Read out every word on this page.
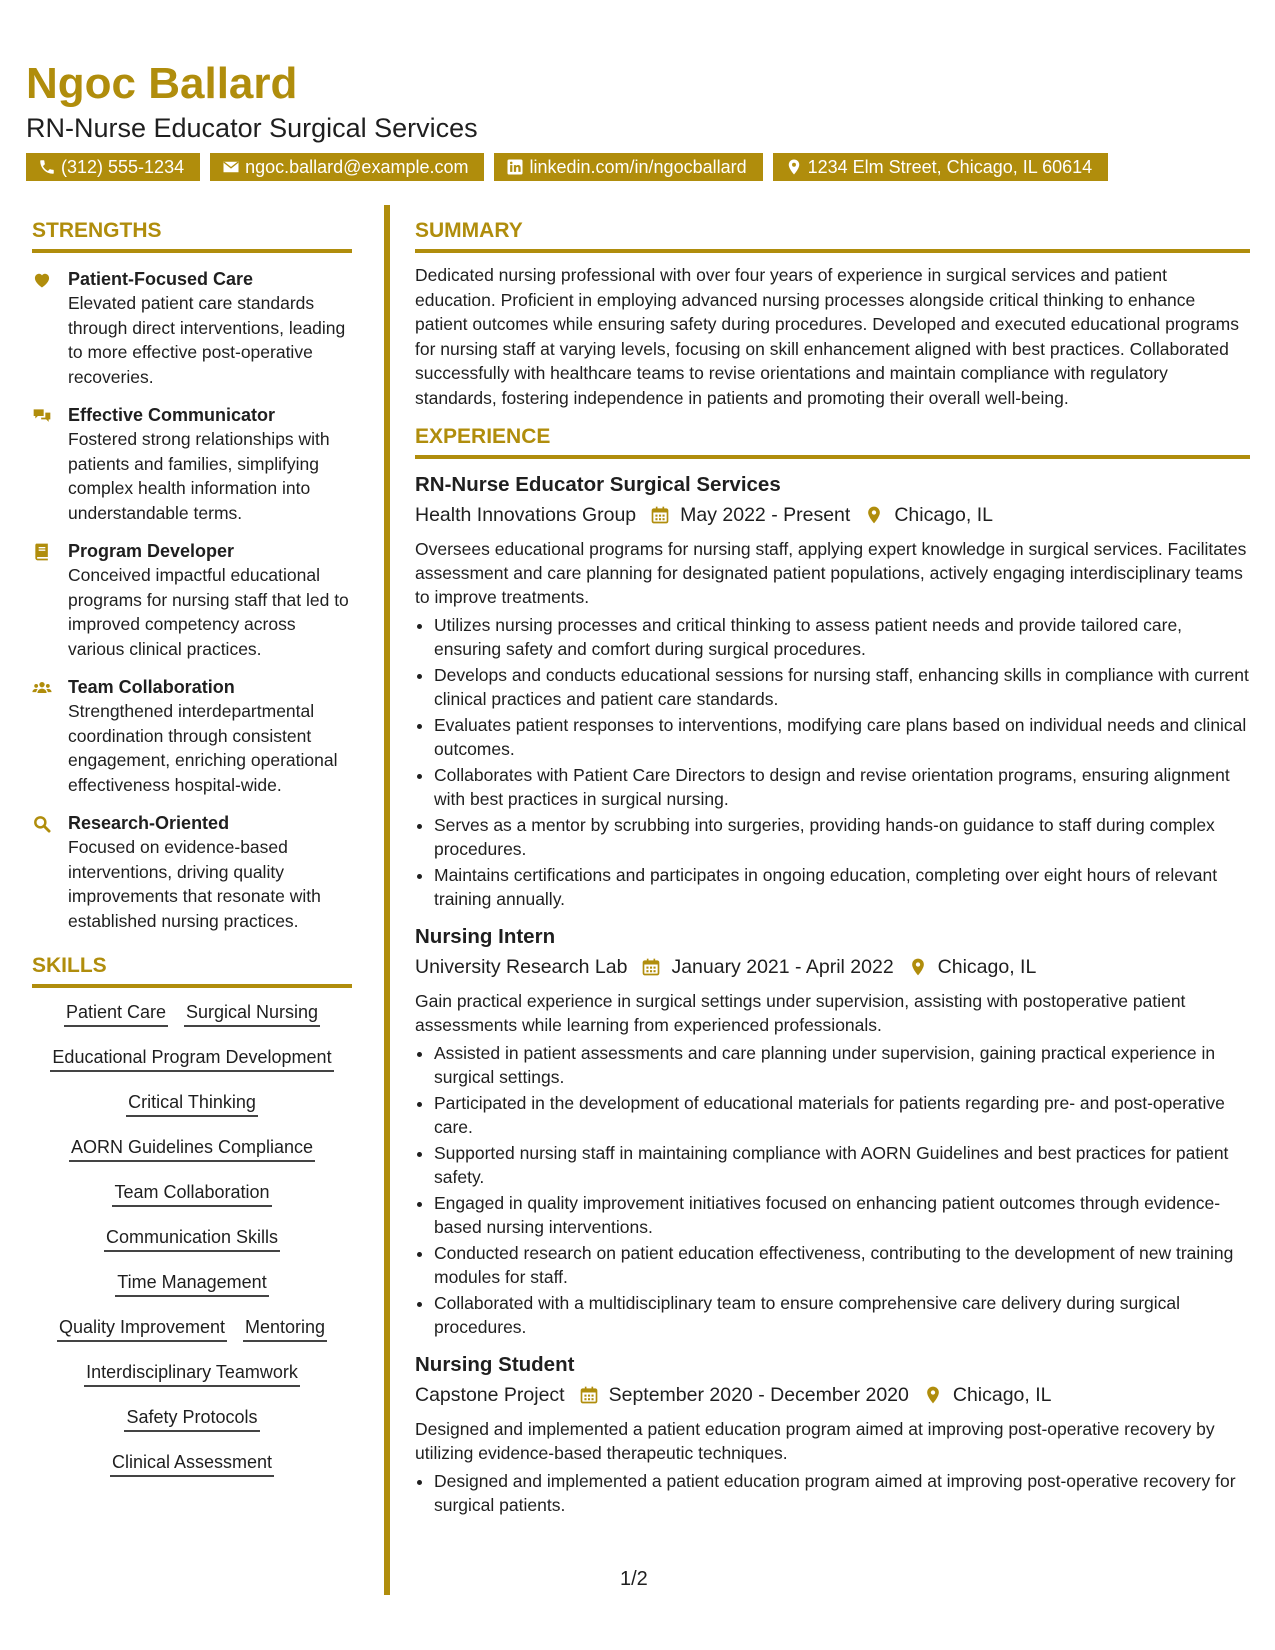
Ngoc Ballard
RN-Nurse Educator Surgical Services
(312) 555-1234	ngoc.ballard@example.com	linkedin.com/in/ngocballard	1234 Elm Street, Chicago, IL 60614
STRENGTHS
Patient-Focused Care
Elevated patient care standards through direct interventions, leading to more effective post-operative recoveries.
Effective Communicator
Fostered strong relationships with patients and families, simplifying complex health information into understandable terms.
Program Developer
Conceived impactful educational programs for nursing staff that led to improved competency across various clinical practices.
Team Collaboration
Strengthened interdepartmental coordination through consistent engagement, enriching operational effectiveness hospital-wide.
Research-Oriented
Focused on evidence-based interventions, driving quality improvements that resonate with established nursing practices.
SKILLS
Patient Care Surgical Nursing
Educational Program Development
Critical Thinking
AORN Guidelines Compliance
Team Collaboration
Communication Skills
Time Management
Quality Improvement Mentoring
Interdisciplinary Teamwork
Safety Protocols
Clinical Assessment
SUMMARY

Dedicated nursing professional with over four years of experience in surgical services and patient education. Proficient in employing advanced nursing processes alongside critical thinking to enhance patient outcomes while ensuring safety during procedures. Developed and executed educational programs for nursing staff at varying levels, focusing on skill enhancement aligned with best practices. Collaborated successfully with healthcare teams to revise orientations and maintain compliance with regulatory standards, fostering independence in patients and promoting their overall well-being.

EXPERIENCE
RN-Nurse Educator Surgical Services
Health Innovations Group May 2022 - Present Chicago, IL

Oversees educational programs for nursing staff, applying expert knowledge in surgical services. Facilitates assessment and care planning for designated patient populations, actively engaging interdisciplinary teams to improve treatments.

• Utilizes nursing processes and critical thinking to assess patient needs and provide tailored care, ensuring safety and comfort during surgical procedures.
• Develops and conducts educational sessions for nursing staff, enhancing skills in compliance with current clinical practices and patient care standards.
• Evaluates patient responses to interventions, modifying care plans based on individual needs and clinical outcomes.
• Collaborates with Patient Care Directors to design and revise orientation programs, ensuring alignment with best practices in surgical nursing.
• Serves as a mentor by scrubbing into surgeries, providing hands-on guidance to staff during complex procedures.
• Maintains certifications and participates in ongoing education, completing over eight hours of relevant training annually.
Nursing Intern
University Research Lab January 2021 - April 2022 Chicago, IL

Gain practical experience in surgical settings under supervision, assisting with postoperative patient assessments while learning from experienced professionals.

• Assisted in patient assessments and care planning under supervision, gaining practical experience in surgical settings.
• Participated in the development of educational materials for patients regarding pre- and post-operative care.
• Supported nursing staff in maintaining compliance with AORN Guidelines and best practices for patient safety.
• Engaged in quality improvement initiatives focused on enhancing patient outcomes through evidence-based nursing interventions.
• Conducted research on patient education effectiveness, contributing to the development of new training modules for staff.
• Collaborated with a multidisciplinary team to ensure comprehensive care delivery during surgical procedures.
Nursing Student
Capstone Project September 2020 - December 2020 Chicago, IL

Designed and implemented a patient education program aimed at improving post-operative recovery by utilizing evidence-based therapeutic techniques.

• Designed and implemented a patient education program aimed at improving post-operative recovery for surgical patients.
1/2
